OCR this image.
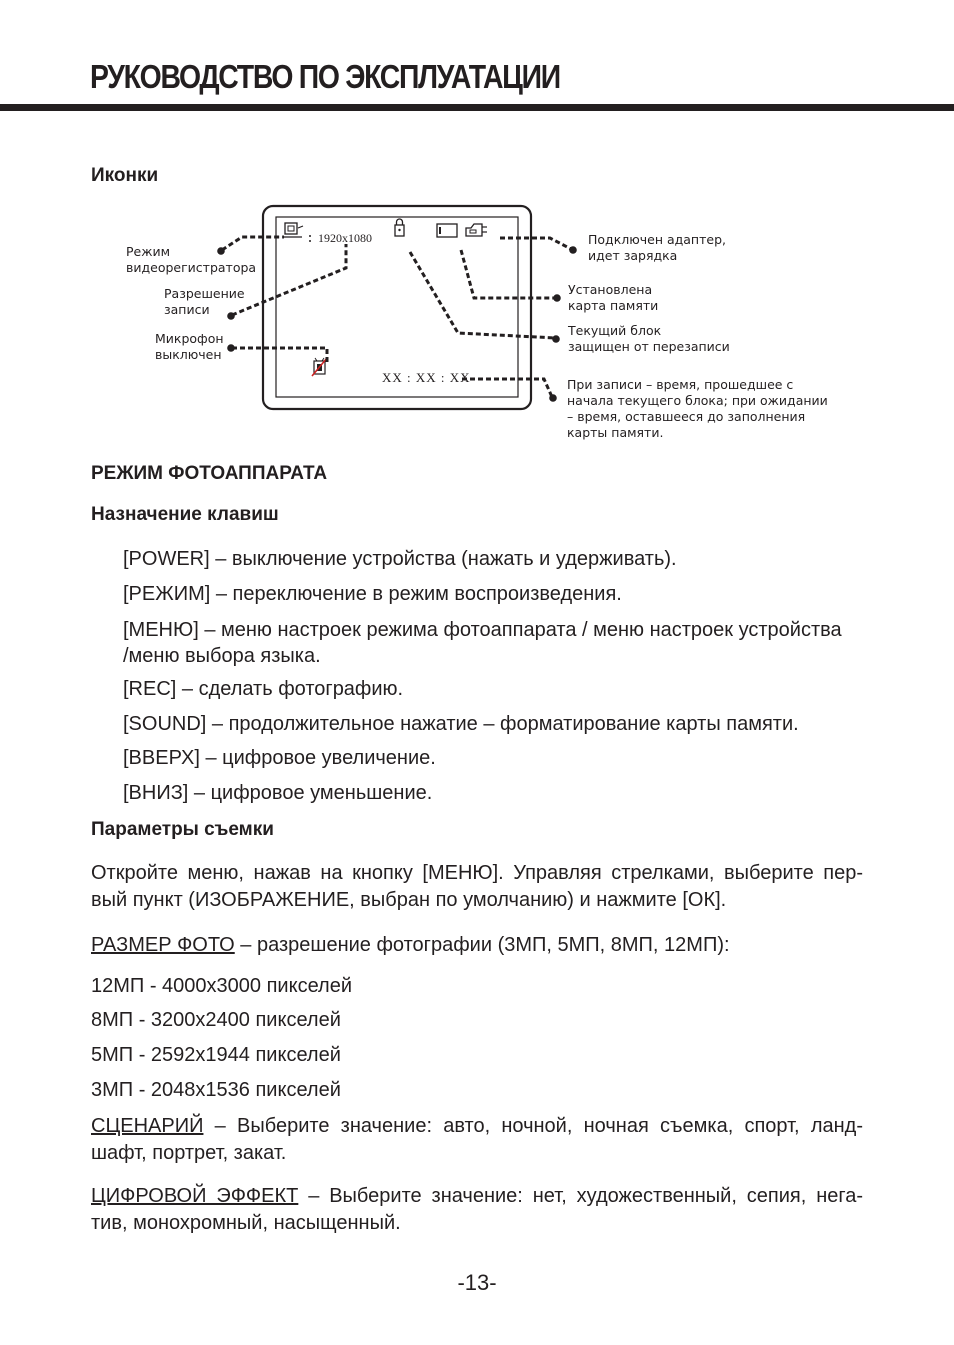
РУКОВОДСТВО ПО ЭКСПЛУАТАЦИИ
Иконки
1920x1080
XX : XX : XX
Режим
видеорегистратора
Разрешение
записи
Микрофон
выключен
Подключен адаптер,
идет зарядка
Установлена
карта памяти
Текущий блок
защищен от перезаписи
При записи – время, прошедшее с
начала текущего блока; при ожидании
– время, оставшееся до заполнения
карты памяти.
РЕЖИМ ФОТОАППАРАТА
Назначение клавиш
[POWER] – выключение устройства (нажать и удерживать).
[РЕЖИМ] – переключение в режим воспроизведения.
[МЕНЮ] – меню настроек режима фотоаппарата / меню настроек устройства
/меню выбора языка.
[REC] – сделать фотографию.
[SOUND] – продолжительное нажатие – форматирование карты памяти.
[ВВЕРХ] – цифровое увеличение.
[ВНИЗ] – цифровое уменьшение.
Параметры съемки
Откройте меню, нажав на кнопку [МЕНЮ]. Управляя стрелками, выберите пер-вый пункт (ИЗОБРАЖЕНИЕ, выбран по умолчанию) и нажмите [ОК].
РАЗМЕР ФОТО – разрешение фотографии (3МП, 5МП, 8МП, 12МП):
12МП - 4000x3000 пикселей
8МП - 3200x2400 пикселей
5МП - 2592x1944 пикселей
3МП - 2048x1536 пикселей
СЦЕНАРИЙ – Выберите значение: авто, ночной, ночная съемка, спорт, ланд-шафт, портрет, закат.
ЦИФРОВОЙ ЭФФЕКТ – Выберите значение: нет, художественный, сепия, нега-тив, монохромный, насыщенный.
-13-
